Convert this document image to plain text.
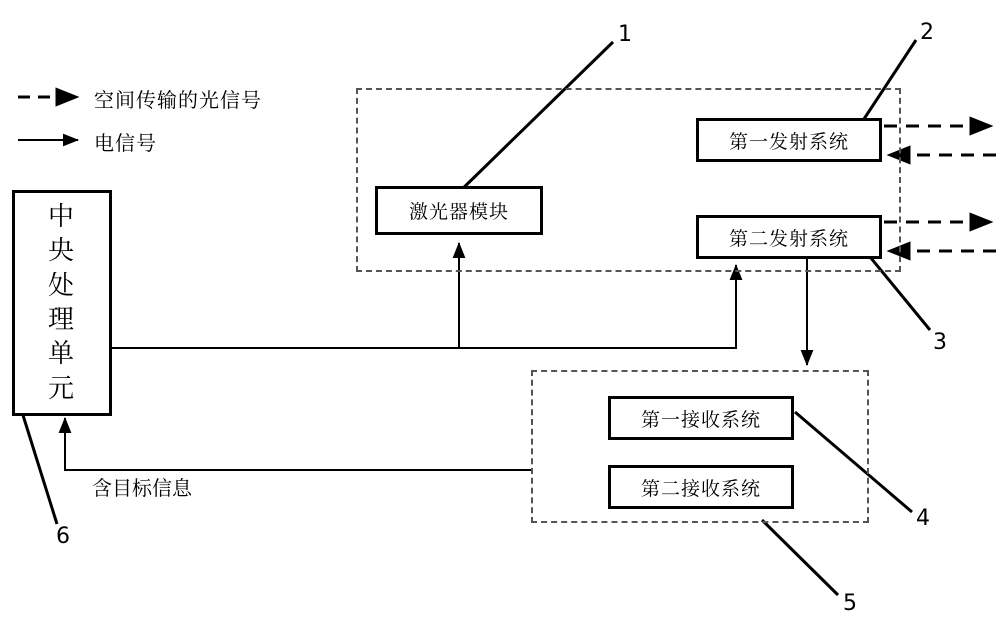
中
央
处
理
单
元
激光器模块
第一发射系统
第二发射系统
第一接收系统
第二接收系统
空间传输的光信号
电信号
含目标信息
1	2
3
4
5
6
